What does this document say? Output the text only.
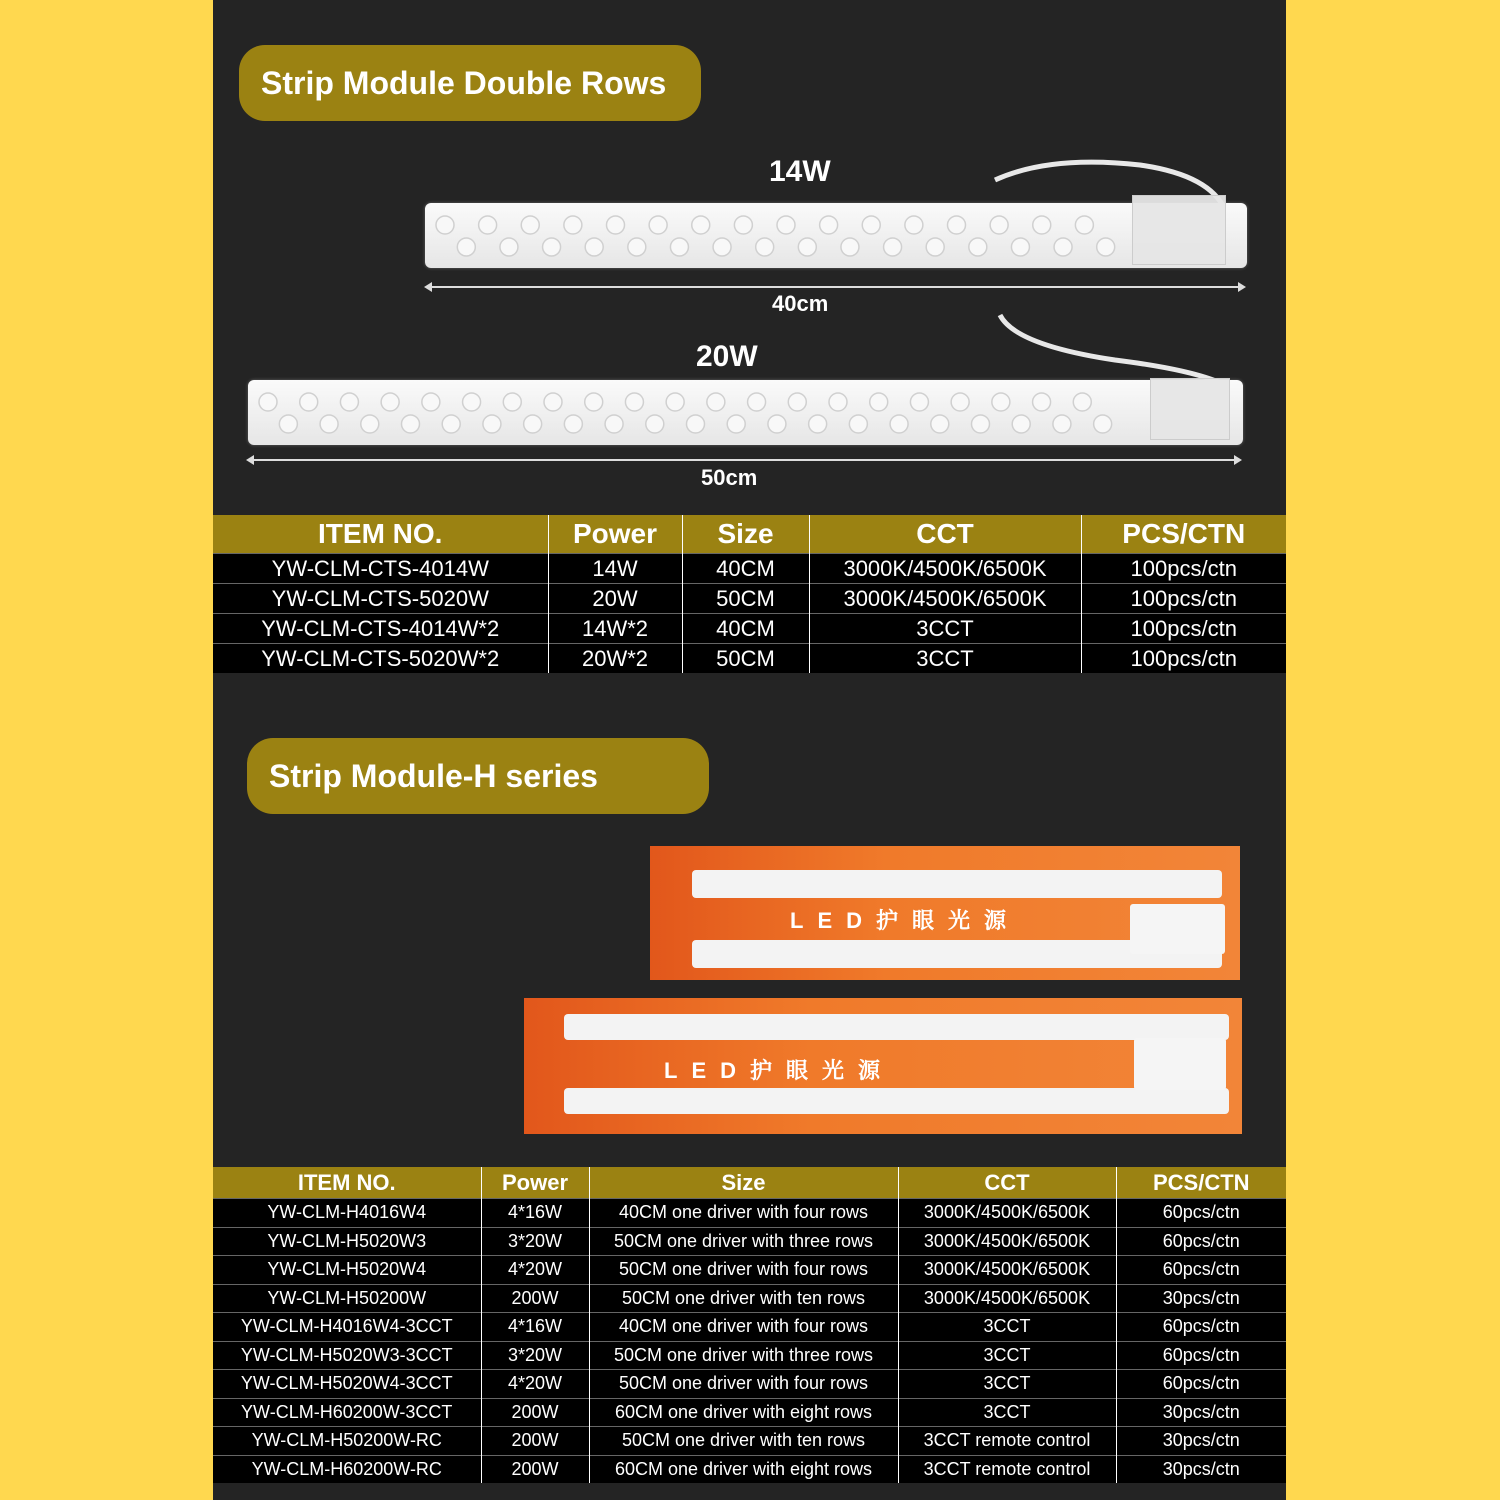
Strip Module Double Rows
14W
40cm
20W
50cm
ITEM NO.	Power	Size	CCT	PCS/CTN
YW-CLM-CTS-4014W	14W	40CM	3000K/4500K/6500K	100pcs/ctn
YW-CLM-CTS-5020W	20W	50CM	3000K/4500K/6500K	100pcs/ctn
YW-CLM-CTS-4014W*2	14W*2	40CM	3CCT	100pcs/ctn
YW-CLM-CTS-5020W*2	20W*2	50CM	3CCT	100pcs/ctn
Strip Module-H series
LED护眼光源
LED护眼光源
ITEM NO.	Power	Size	CCT	PCS/CTN
YW-CLM-H4016W4	4*16W	40CM one driver with four rows	3000K/4500K/6500K	60pcs/ctn
YW-CLM-H5020W3	3*20W	50CM one driver with three rows	3000K/4500K/6500K	60pcs/ctn
YW-CLM-H5020W4	4*20W	50CM one driver with four rows	3000K/4500K/6500K	60pcs/ctn
YW-CLM-H50200W	200W	50CM one driver with ten rows	3000K/4500K/6500K	30pcs/ctn
YW-CLM-H4016W4-3CCT	4*16W	40CM one driver with four rows	3CCT	60pcs/ctn
YW-CLM-H5020W3-3CCT	3*20W	50CM one driver with three rows	3CCT	60pcs/ctn
YW-CLM-H5020W4-3CCT	4*20W	50CM one driver with four rows	3CCT	60pcs/ctn
YW-CLM-H60200W-3CCT	200W	60CM one driver with eight rows	3CCT	30pcs/ctn
YW-CLM-H50200W-RC	200W	50CM one driver with ten rows	3CCT remote control	30pcs/ctn
YW-CLM-H60200W-RC	200W	60CM one driver with eight rows	3CCT remote control	30pcs/ctn
